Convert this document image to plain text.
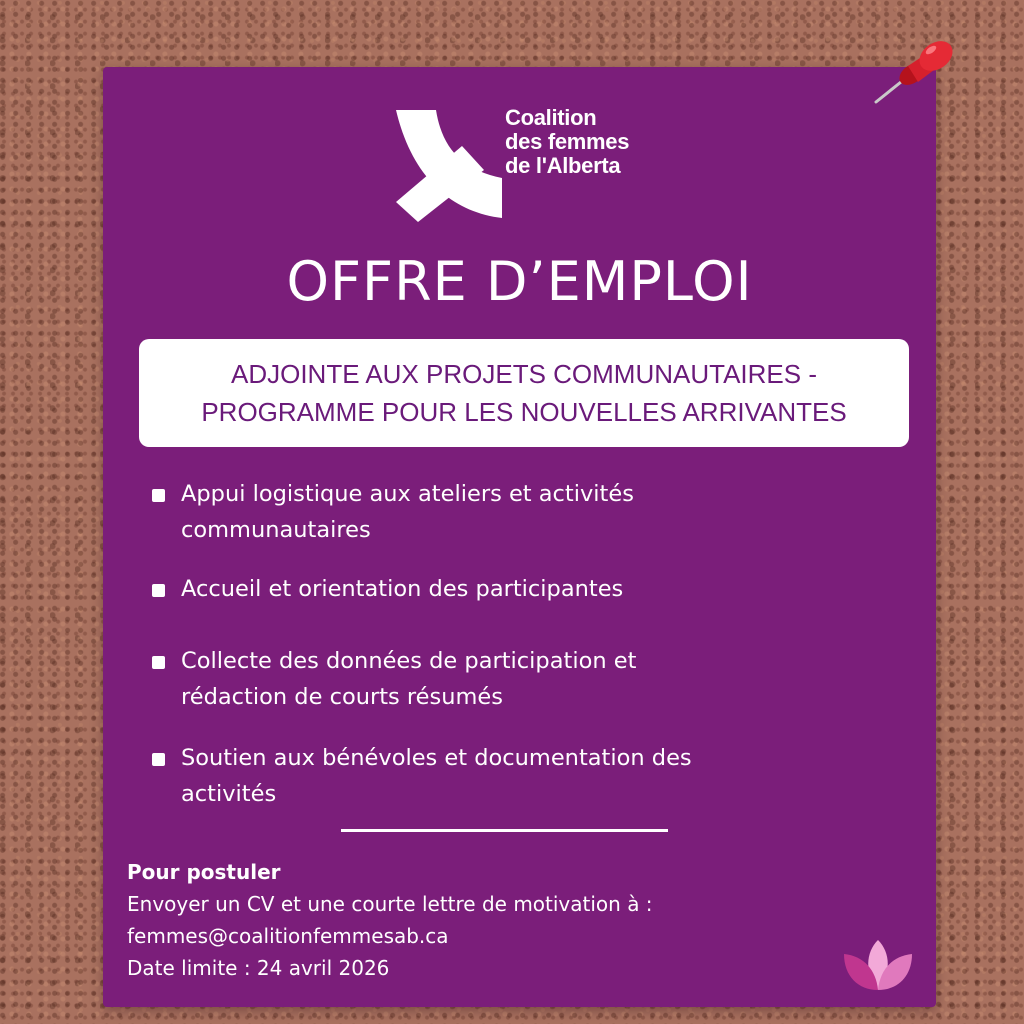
Coalition
des femmes
de l'Alberta
OFFRE D’EMPLOI
ADJOINTE AUX PROJETS COMMUNAUTAIRES -
PROGRAMME POUR LES NOUVELLES ARRIVANTES
Appui logistique aux ateliers et activités
communautaires
Accueil et orientation des participantes
Collecte des données de participation et
rédaction de courts résumés
Soutien aux bénévoles et documentation des
activités
Pour postuler
Envoyer un CV et une courte lettre de motivation à :
femmes@coalitionfemmesab.ca
Date limite : 24 avril 2026
